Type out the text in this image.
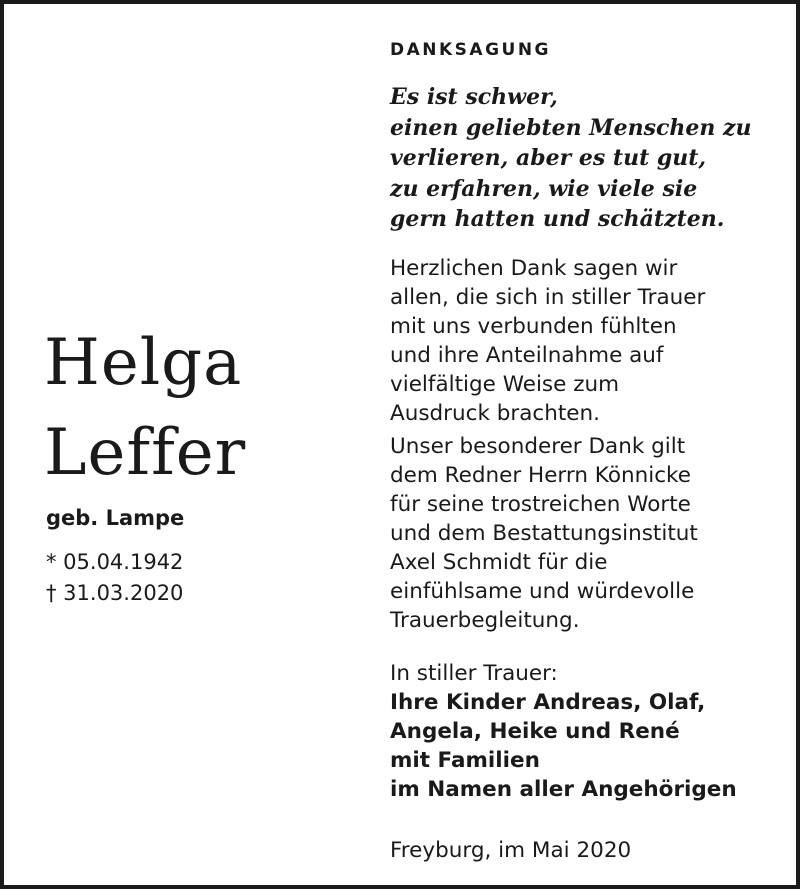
DANKSAGUNG
Es ist schwer,
einen geliebten Menschen zu
verlieren, aber es tut gut,
zu erfahren, wie viele sie
gern hatten und schätzten.
Herzlichen Dank sagen wir
allen, die sich in stiller Trauer
mit uns verbunden fühlten
und ihre Anteilnahme auf
vielfältige Weise zum
Ausdruck brachten.
Unser besonderer Dank gilt
dem Redner Herrn Könnicke
für seine trostreichen Worte
und dem Bestattungsinstitut
Axel Schmidt für die
einfühlsame und würdevolle
Trauerbegleitung.
In stiller Trauer:
Ihre Kinder Andreas, Olaf,
Angela, Heike und René
mit Familien
im Namen aller Angehörigen
Freyburg, im Mai 2020
Helga
Leffer
geb. Lampe
* 05.04.1942
† 31.03.2020
